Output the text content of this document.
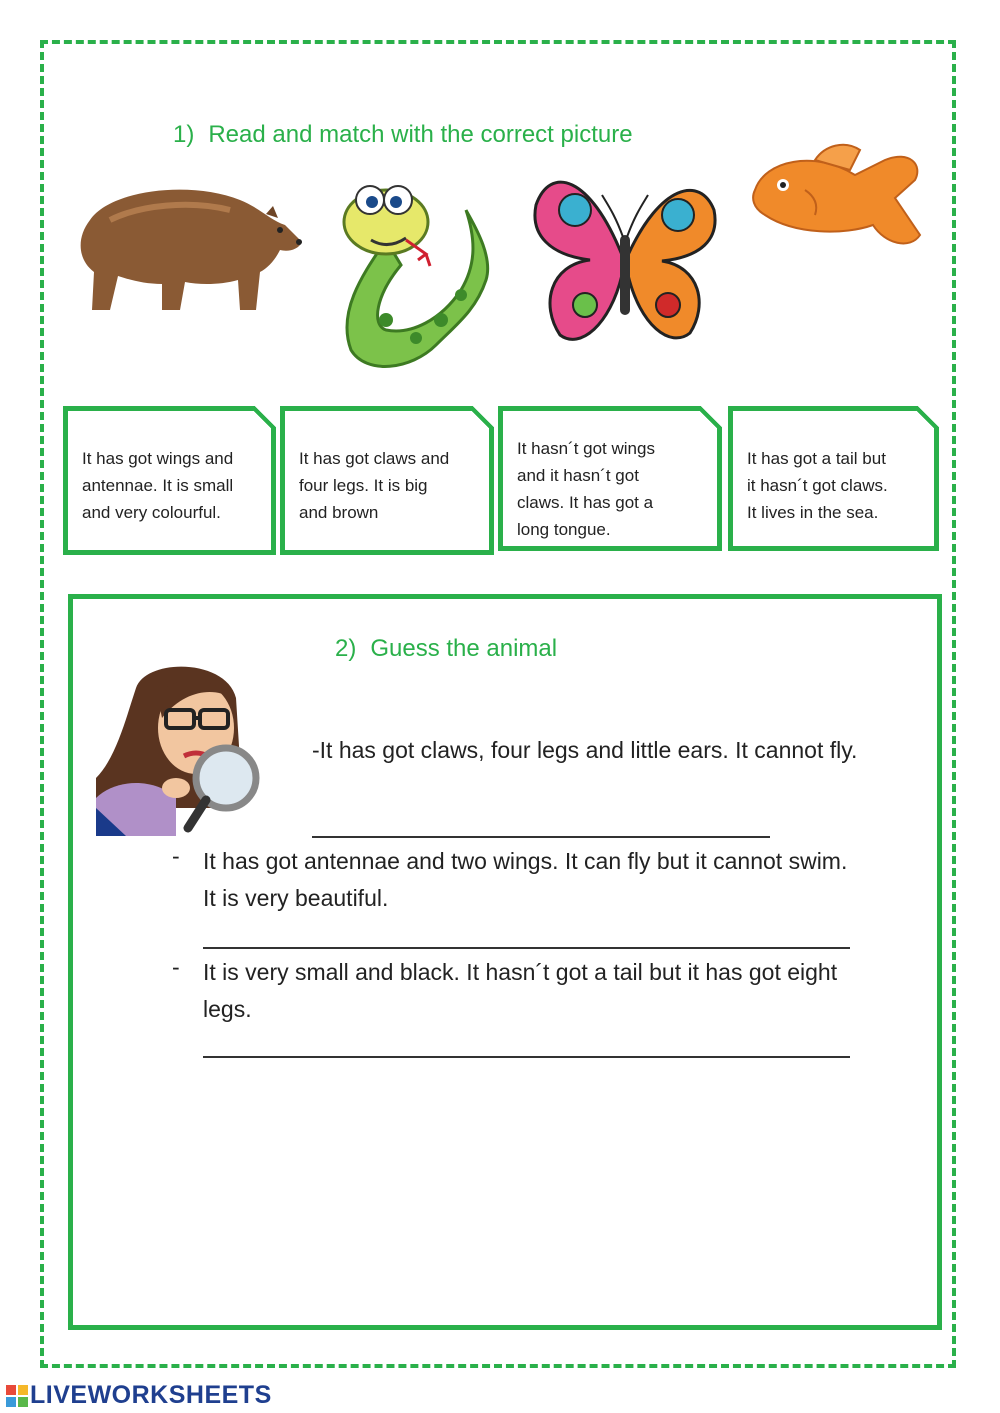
1) Read and match with the correct picture
It has got wings and
antennae. It is small
and very colourful.
It has got claws and
four legs. It is big
and brown
It hasn´t got wings
and it hasn´t got
claws. It has got a
long tongue.
It has got a tail but
it hasn´t got claws.
It lives in the sea.
2) Guess the animal
-It has got claws, four legs and little ears. It cannot fly.
- It has got antennae and two wings. It can fly but it cannot swim. It is very beautiful.
- It is very small and black. It hasn´t got a tail but it has got eight legs.
LIVEWORKSHEETS
